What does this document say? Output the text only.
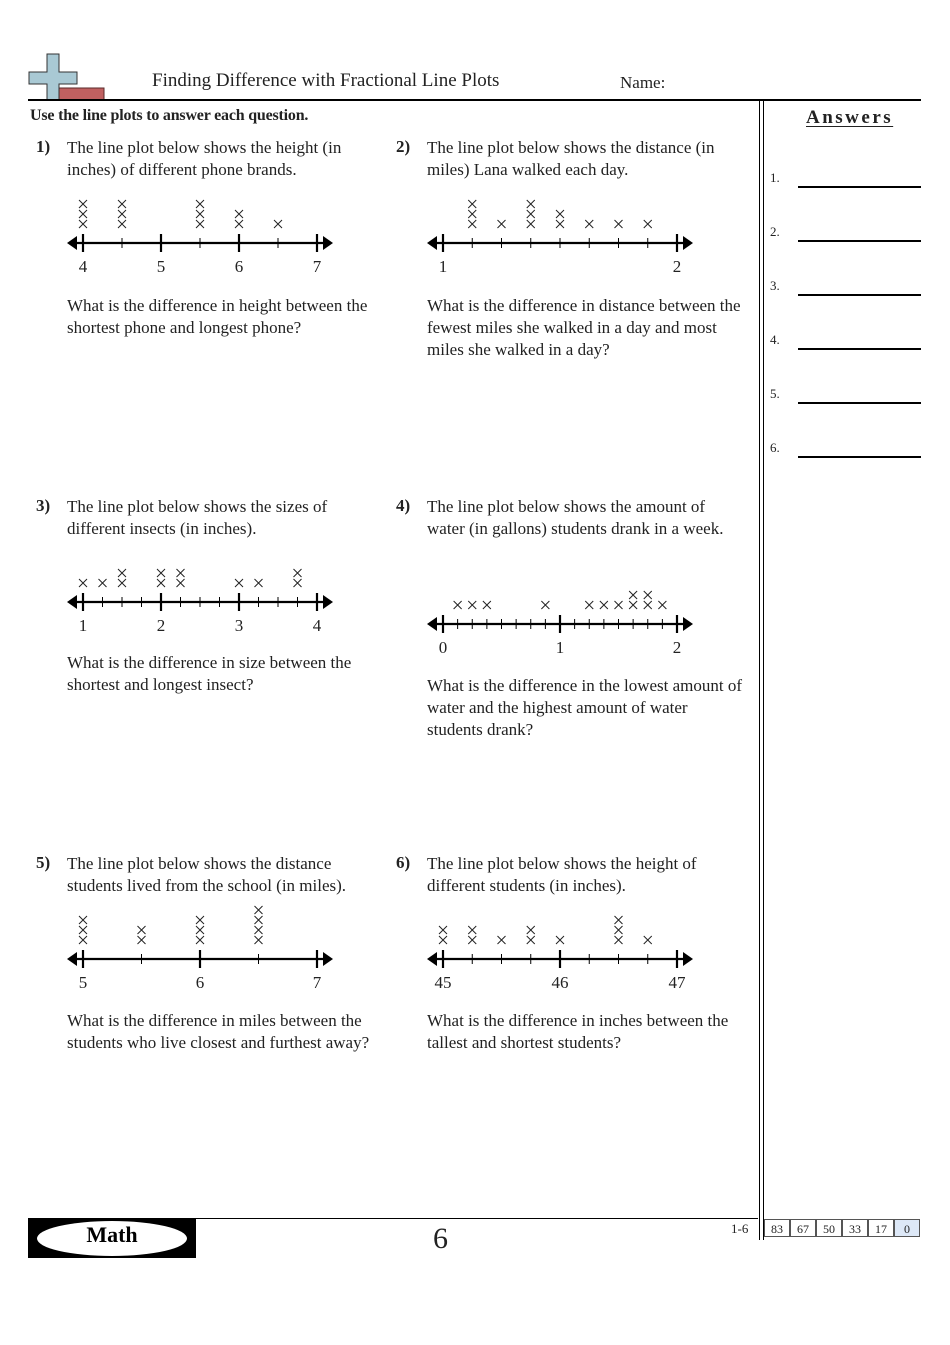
Finding Difference with Fractional Line Plots	Name:
Use the line plots to answer each question.	Answers
1.
2.
3.
4.
5.
6.
1) The line plot below shows the height (in inches) of different phone brands.
4	5	6	7
What is the difference in height between the shortest phone and longest phone?
2) The line plot below shows the distance (in miles) Lana walked each day.
1	2
What is the difference in distance between the fewest miles she walked in a day and most miles she walked in a day?
3) The line plot below shows the sizes of different insects (in inches).
1	2	3	4
What is the difference in size between the shortest and longest insect?
4) The line plot below shows the amount of water (in gallons) students drank in a week.
0	1	2
What is the difference in the lowest amount of water and the highest amount of water students drank?
5) The line plot below shows the distance students lived from the school (in miles).
5	6	7
What is the difference in miles between the students who live closest and furthest away?
6) The line plot below shows the height of different students (in inches).
45	46	47
What is the difference in inches between the tallest and shortest students?
Math	6	1-6	83	67	50	33	17	0
